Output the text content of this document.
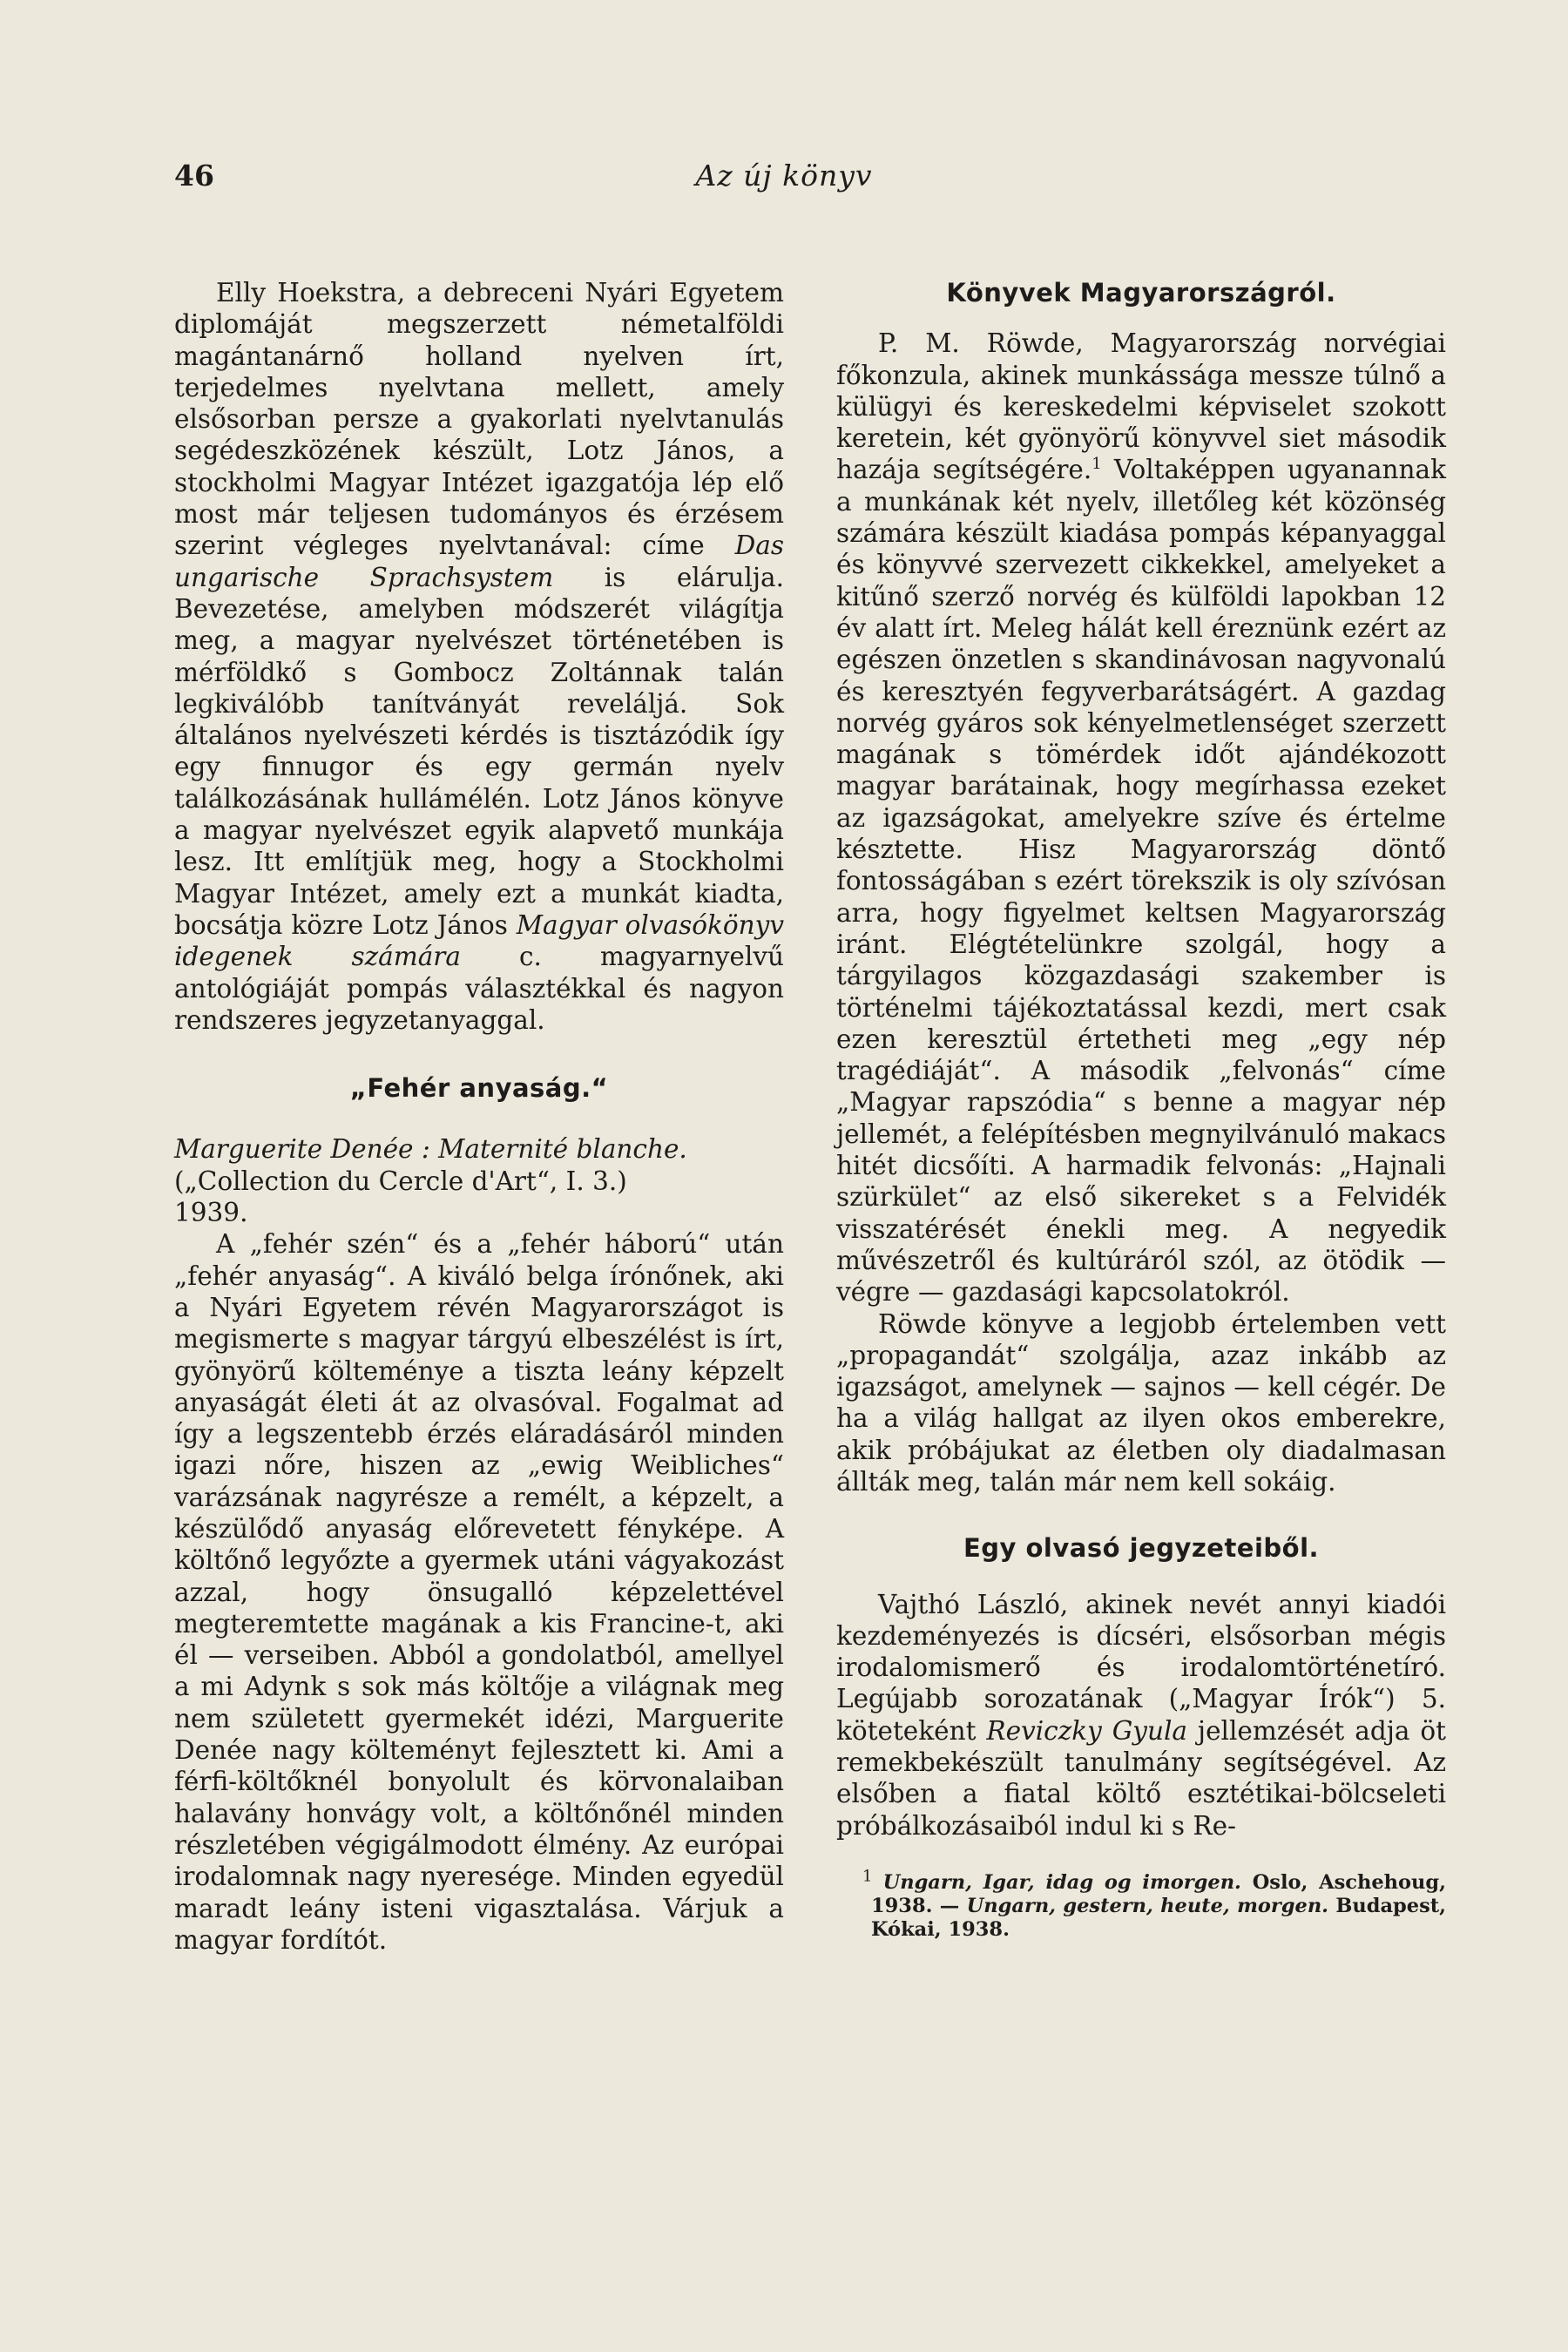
46	Az új könyv

Elly Hoekstra, a debreceni Nyári Egyetem diplomáját megszerzett németalföldi magántanárnő holland nyelven írt, terjedelmes nyelvtana mellett, amely elsősorban persze a gyakorlati nyelvtanulás segédeszközének készült, Lotz János, a stockholmi Magyar Intézet igazgatója lép elő most már teljesen tudományos és érzésem szerint végleges nyelvtanával: címe Das ungarische Sprachsystem is elárulja. Bevezetése, amelyben módszerét világítja meg, a magyar nyelvészet történetében is mérföldkő s Gombocz Zoltánnak talán legkiválóbb tanítványát reveláljá. Sok általános nyelvészeti kérdés is tisztázódik így egy finnugor és egy germán nyelv találkozásának hullámélén. Lotz János könyve a magyar nyelvészet egyik alapvető munkája lesz. Itt említjük meg, hogy a Stockholmi Magyar Intézet, amely ezt a munkát kiadta, bocsátja közre Lotz János Magyar olvasókönyv idegenek számára c. magyarnyelvű antológiáját pompás választékkal és nagyon rendszeres jegyzetanyaggal.

„Fehér anyaság.“

Marguerite Denée : Maternité blanche.
(„Collection du Cercle d'Art“, I. 3.)
1939.

A „fehér szén“ és a „fehér háború“ után „fehér anyaság“. A kiváló belga írónőnek, aki a Nyári Egyetem révén Magyarországot is megismerte s magyar tárgyú elbeszélést is írt, gyönyörű költeménye a tiszta leány képzelt anyaságát életi át az olvasóval. Fogalmat ad így a legszentebb érzés eláradásáról minden igazi nőre, hiszen az „ewig Weibliches“ varázsának nagyrésze a remélt, a képzelt, a készülődő anyaság előrevetett fényképe. A költőnő legyőzte a gyermek utáni vágyakozást azzal, hogy önsugalló képzelettével megteremtette magának a kis Francine-t, aki él — verseiben. Abból a gondolatból, amellyel a mi Adynk s sok más költője a világnak meg nem született gyermekét idézi, Marguerite Denée nagy költeményt fejlesztett ki. Ami a férfi-költőknél bonyolult és körvonalaiban halavány honvágy volt, a költőnőnél minden részletében végigálmodott élmény. Az európai irodalomnak nagy nyeresége. Minden egyedül maradt leány isteni vigasztalása. Várjuk a magyar fordítót.

Könyvek Magyarországról.

P. M. Röwde, Magyarország norvégiai főkonzula, akinek munkássága messze túlnő a külügyi és kereskedelmi képviselet szokott keretein, két gyönyörű könyvvel siet második hazája segítségére.$^1$ Voltaképpen ugyanannak a munkának két nyelv, illetőleg két közönség számára készült kiadása pompás képanyaggal és könyvvé szervezett cikkekkel, amelyeket a kitűnő szerző norvég és külföldi lapokban 12 év alatt írt. Meleg hálát kell éreznünk ezért az egészen önzetlen s skandinávosan nagyvonalú és keresztyén fegyverbarátságért. A gazdag norvég gyáros sok kényelmetlenséget szerzett magának s tömérdek időt ajándékozott magyar barátainak, hogy megírhassa ezeket az igazságokat, amelyekre szíve és értelme késztette. Hisz Magyarország döntő fontosságában s ezért törekszik is oly szívósan arra, hogy figyelmet keltsen Magyarország iránt. Elégtételünkre szolgál, hogy a tárgyilagos közgazdasági szakember is történelmi tájékoztatással kezdi, mert csak ezen keresztül értetheti meg „egy nép tragédiáját“. A második „felvonás“ címe „Magyar rapszódia“ s benne a magyar nép jellemét, a felépítésben megnyilvánuló makacs hitét dicsőíti. A harmadik felvonás: „Hajnali szürkület“ az első sikereket s a Felvidék visszatérését énekli meg. A negyedik művészetről és kultúráról szól, az ötödik — végre — gazdasági kapcsolatokról.

Röwde könyve a legjobb értelemben vett „propagandát“ szolgálja, azaz inkább az igazságot, amelynek — sajnos — kell cégér. De ha a világ hallgat az ilyen okos emberekre, akik próbájukat az életben oly diadalmasan állták meg, talán már nem kell sokáig.

Egy olvasó jegyzeteiből.

Vajthó László, akinek nevét annyi kiadói kezdeményezés is dícséri, elsősorban mégis irodalomismerő és irodalomtörténetíró. Legújabb sorozatának („Magyar Írók“) 5. köteteként Reviczky Gyula jellemzését adja öt remekbekészült tanulmány segítségével. Az elsőben a fiatal költő esztétikai-bölcseleti próbálkozásaiból indul ki s Re-

$^1$ Ungarn, Igar, idag og imorgen. Oslo, Aschehoug, 1938. — Ungarn, gestern, heute, morgen. Budapest, Kókai, 1938.
